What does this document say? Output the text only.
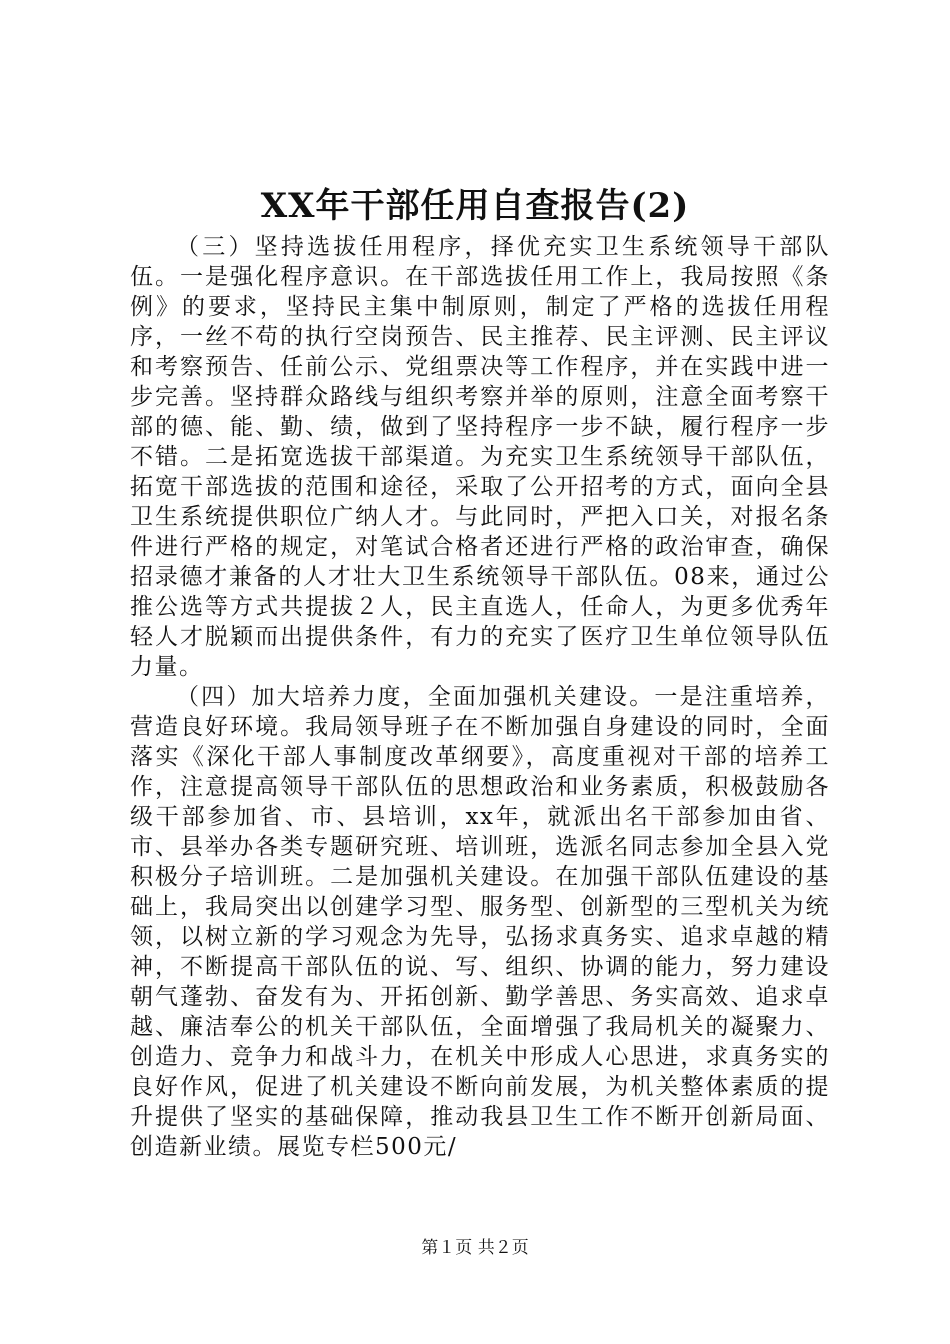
XX年干部任用自查报告(2)

（三）坚持选拔任用程序，择优充实卫生系统领导干部队伍。一是强化程序意识。在干部选拔任用工作上，我局按照《条例》的要求，坚持民主集中制原则，制定了严格的选拔任用程序，一丝不苟的执行空岗预告、民主推荐、民主评测、民主评议和考察预告、任前公示、党组票决等工作程序，并在实践中进一步完善。坚持群众路线与组织考察并举的原则，注意全面考察干部的德、能、勤、绩，做到了坚持程序一步不缺，履行程序一步不错。二是拓宽选拔干部渠道。为充实卫生系统领导干部队伍，拓宽干部选拔的范围和途径，采取了公开招考的方式，面向全县卫生系统提供职位广纳人才。与此同时，严把入口关，对报名条件进行严格的规定，对笔试合格者还进行严格的政治审查，确保招录德才兼备的人才壮大卫生系统领导干部队伍。08来，通过公推公选等方式共提拔２人，民主直选人，任命人，为更多优秀年轻人才脱颖而出提供条件，有力的充实了医疗卫生单位领导队伍力量。

（四）加大培养力度，全面加强机关建设。一是注重培养，营造良好环境。我局领导班子在不断加强自身建设的同时，全面落实《深化干部人事制度改革纲要》，高度重视对干部的培养工作，注意提高领导干部队伍的思想政治和业务素质，积极鼓励各级干部参加省、市、县培训，xx年，就派出名干部参加由省、市、县举办各类专题研究班、培训班，选派名同志参加全县入党积极分子培训班。二是加强机关建设。在加强干部队伍建设的基础上，我局突出以创建学习型、服务型、创新型的三型机关为统领，以树立新的学习观念为先导，弘扬求真务实、追求卓越的精神，不断提高干部队伍的说、写、组织、协调的能力，努力建设朝气蓬勃、奋发有为、开拓创新、勤学善思、务实高效、追求卓越、廉洁奉公的机关干部队伍，全面增强了我局机关的凝聚力、创造力、竞争力和战斗力，在机关中形成人心思进，求真务实的良好作风，促进了机关建设不断向前发展，为机关整体素质的提升提供了坚实的基础保障，推动我县卫生工作不断开创新局面、创造新业绩。展览专栏500元/

第１页 共２页
